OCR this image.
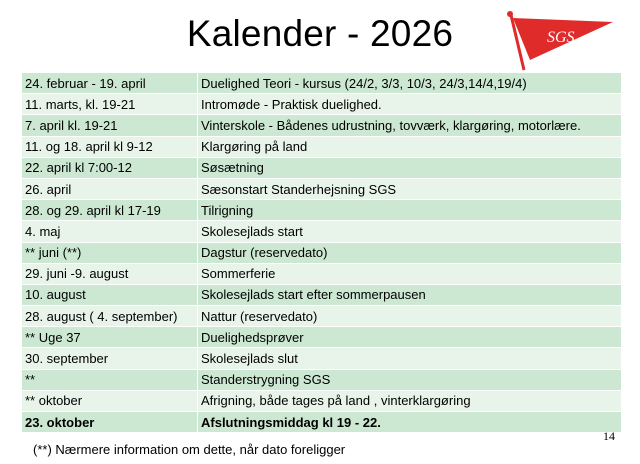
Kalender - 2026	SGS
24. februar - 19. april	Duelighed Teori - kursus (24/2, 3/3, 10/3, 24/3,14/4,19/4)
11. marts, kl. 19-21	Intromøde - Praktisk duelighed.
7. april kl. 19-21	Vinterskole - Bådenes udrustning, tovværk, klargøring, motorlære.
11. og 18. april kl 9-12	Klargøring på land
22. april kl 7:00-12	Søsætning
26. april	Sæsonstart Standerhejsning SGS
28. og 29. april kl 17-19	Tilrigning
4. maj	Skolesejlads start
** juni (**)	Dagstur (reservedato)
29. juni -9. august	Sommerferie
10. august	Skolesejlads start efter sommerpausen
28. august ( 4. september)	Nattur (reservedato)
** Uge 37	Duelighedsprøver
30. september	Skolesejlads slut
**	Standerstrygning SGS
** oktober	Afrigning, både tages på land , vinterklargøring
23. oktober	Afslutningsmiddag kl 19 - 22.
14
(**) Nærmere information om dette, når dato foreligger
